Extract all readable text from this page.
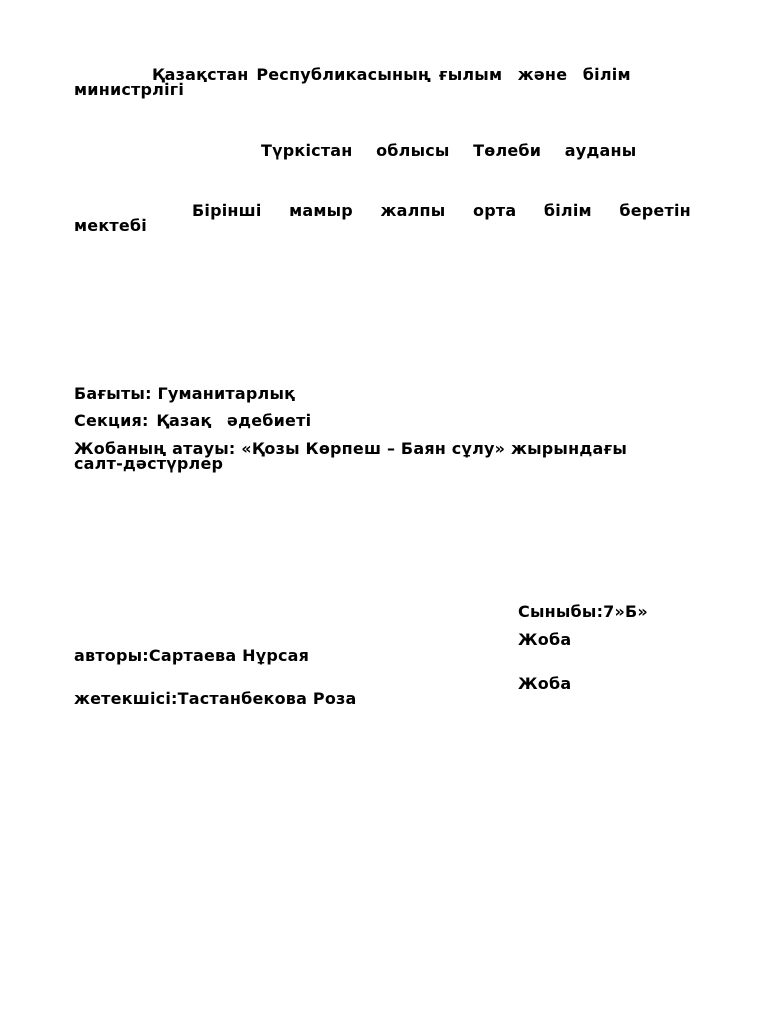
Қазақстан Республикасының ғылым  және  білім
министрлігі
Түркістан  облысы  Төлеби  ауданы
Бірінші  мамыр  жалпы  орта  білім  беретін
мектебі
Бағыты: Гуманитарлық
Секция: Қазақ  әдебиеті
Жобаның атауы: «Қозы Көрпеш – Баян сұлу» жырындағы
салт-дәстүрлер
Сыныбы:7»Б»
Жоба
авторы:Сартаева Нұрсая
Жоба
жетекшісі:Тастанбекова Роза
